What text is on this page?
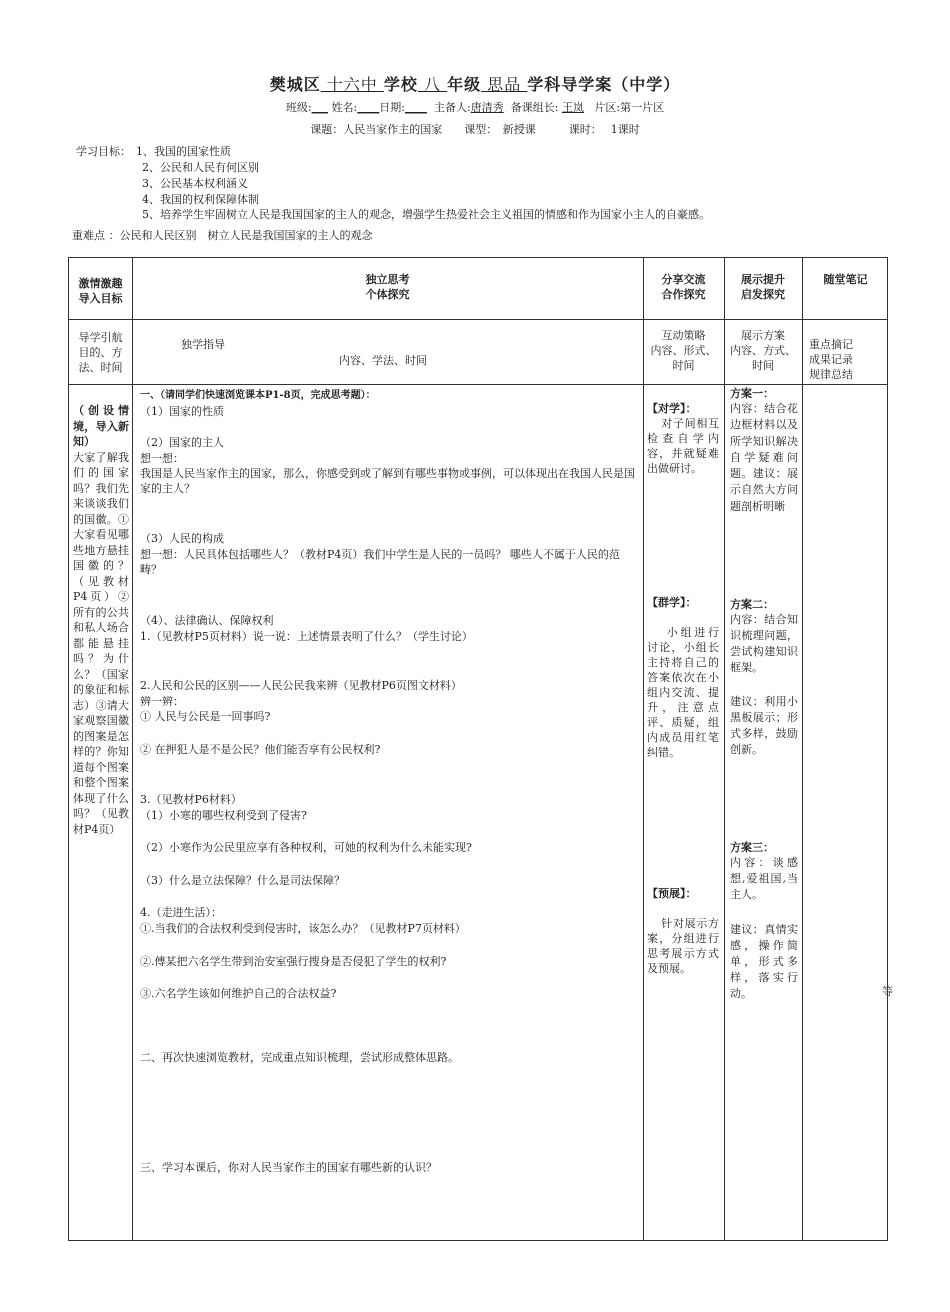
樊城区 十六中 学校 八 年级 思品 学科导学案（中学）
班级:___ 姓名:____日期:____ 主备人:唐清秀 备课组长: 王岚 片区:第一片区
课题：人民当家作主的国家　　课型：　新授课　　　课时：　 1课时
学习目标： 1、我国的国家性质
2、公民和人民有何区别
3、公民基本权利涵义
4、我国的权利保障体制
5、培养学生牢固树立人民是我国国家的主人的观念，增强学生热爱社会主义祖国的情感和作为国家小主人的自豪感。
重难点 ：公民和人民区别　树立人民是我国国家的主人的观念

激情激趣

导入目标

独立思考

个体探究

分享交流

合作探究

展示提升

启发探究

随堂笔记

导学引航

目的、方

法、时间

独学指导
内容、学法、时间

互动策略

内容、形式、

时间

展示方案

内容、方式、

时间

重点摘记

成果记录

规律总结

（创设情境，导入新知）

大家了解我们的国家吗？我们先来谈谈我们的国徽。①大家看见哪些地方悬挂国徽的？（见教材P4页）②所有的公共和私人场合都能悬挂吗？为什么？（国家的象征和标志）③请大家观察国徽的图案是怎样的？你知道每个图案和整个图案体现了什么吗？（见教材P4页）

一、（请同学们快速浏览课本P1-8页，完成思考题）：
（1）国家的性质
（2）国家的主人
想一想：
我国是人民当家作主的国家，那么，你感受到或了解到有哪些事物或事例，可以体现出在我国人民是国家的主人？
（3）人民的构成
想一想：人民具体包括哪些人？（教材P4页）我们中学生是人民的一员吗？ 哪些人不属于人民的范畴？
（4）、法律确认、保障权利
1.（见教材P5页材料）说一说：上述情景表明了什么？（学生讨论）
2.人民和公民的区别——人民公民我来辨（见教材P6页图文材料）
辨一辨：
① 人民与公民是一回事吗?
② 在押犯人是不是公民？他们能否享有公民权利?
3.（见教材P6材料）
（1）小寒的哪些权利受到了侵害?
（2）小寒作为公民里应享有各种权利，可她的权利为什么未能实现?
（3）什么是立法保障？什么是司法保障？
4.（走进生活）：
①.当我们的合法权利受到侵害时，该怎么办？（见教材P7页材料）
②.傅某把六名学生带到治安室强行搜身是否侵犯了学生的权利?
③.六名学生该如何维护自己的合法权益?
二、再次快速浏览教材，完成重点知识梳理，尝试形成整体思路。
三、学习本课后，你对人民当家作主的国家有哪些新的认识？
【对学】：
对子间相互检查自学内容，并就疑难出做研讨。
【群学】：
小组进行讨论，小组长主持将自己的答案依次在小组内交流、提升，注意点评、质疑，组内成员用红笔纠错。
【预展】：
针对展示方案，分组进行思考展示方式及预展。
方案一：
内容：结合花边框材料以及所学知识解决自学疑难问题。建议：展示自然大方问题剖析明晰
方案二：
内容：结合知识梳理问题，尝试构建知识框架。
建议：利用小黑板展示；形式多样，鼓励创新。
方案三：
内容：谈感想,爱祖国,当主人。
建议：真情实感，操作简单，形式多样，落实行动。	等
